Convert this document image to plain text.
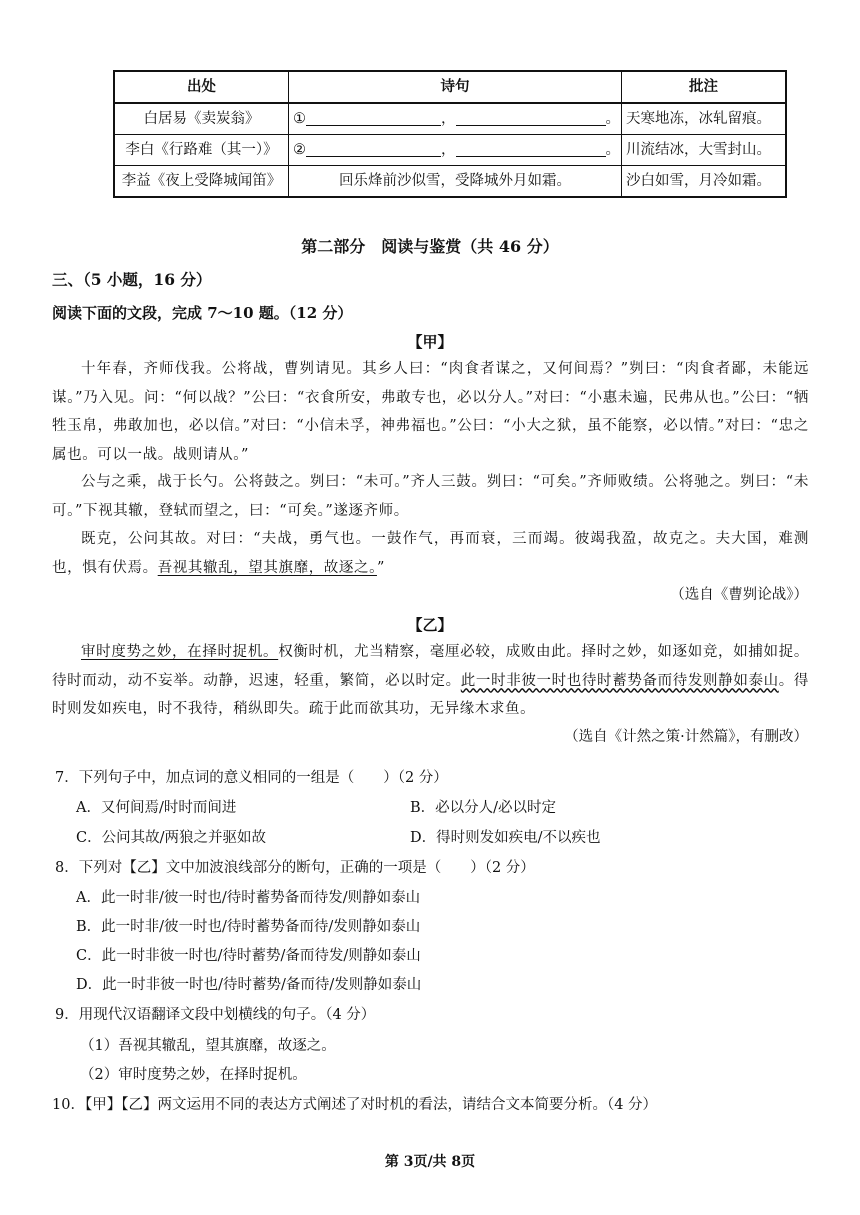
出处	诗句	批注
白居易《卖炭翁》	① ， 。	天寒地冻，冰轧留痕。
李白《行路难（其一）》	② ， 。	川流结冰，大雪封山。
李益《夜上受降城闻笛》	回乐烽前沙似雪，受降城外月如霜。	沙白如雪，月冷如霜。
第二部分　阅读与鉴赏（共 46 分）
三、（5 小题，16 分）
阅读下面的文段，完成 7～10 题。（12 分）
【甲】
十年春，齐师伐我。公将战，曹刿请见。其乡人曰：“肉食者谋之，又何间焉？”刿曰：“肉食者鄙，未能远谋。”乃入见。问：“何以战？”公曰：“衣食所安，弗敢专也，必以分人。”对曰：“小惠未遍，民弗从也。”公曰：“牺牲玉帛，弗敢加也，必以信。”对曰：“小信未孚，神弗福也。”公曰：“小大之狱，虽不能察，必以情。”对曰：“忠之属也。可以一战。战则请从。”
公与之乘，战于长勺。公将鼓之。刿曰：“未可。”齐人三鼓。刿曰：“可矣。”齐师败绩。公将驰之。刿曰：“未可。”下视其辙，登轼而望之，曰：“可矣。”遂逐齐师。
既克，公问其故。对曰：“夫战，勇气也。一鼓作气，再而衰，三而竭。彼竭我盈，故克之。夫大国，难测也，惧有伏焉。吾视其辙乱，望其旗靡，故逐之。”
（选自《曹刿论战》）
【乙】
审时度势之妙，在择时捉机。权衡时机，尤当精察，毫厘必较，成败由此。择时之妙，如逐如竞，如捕如捉。待时而动，动不妄举。动静，迟速，轻重，繁简，必以时定。此一时非彼一时也待时蓄势备而待发则静如泰山。得时则发如疾电，时不我待，稍纵即失。疏于此而欲其功，无异缘木求鱼。
（选自《计然之策·计然篇》，有删改）
7．下列句子中，加点词的意义相同的一组是（　　）（2 分）
A．又何间焉/时时而间进	B．必以分人/必以时定
C．公问其故/两狼之并驱如故	D．得时则发如疾电/不以疾也
8．下列对【乙】文中加波浪线部分的断句，正确的一项是（　　）（2 分）
A．此一时非/彼一时也/待时蓄势备而待发/则静如泰山
B．此一时非/彼一时也/待时蓄势备而待/发则静如泰山
C．此一时非彼一时也/待时蓄势/备而待发/则静如泰山
D．此一时非彼一时也/待时蓄势/备而待/发则静如泰山
9．用现代汉语翻译文段中划横线的句子。（4 分）
（1）吾视其辙乱，望其旗靡，故逐之。
（2）审时度势之妙，在择时捉机。
10．【甲】【乙】两文运用不同的表达方式阐述了对时机的看法，请结合文本简要分析。（4 分）
第 3页/共 8页
